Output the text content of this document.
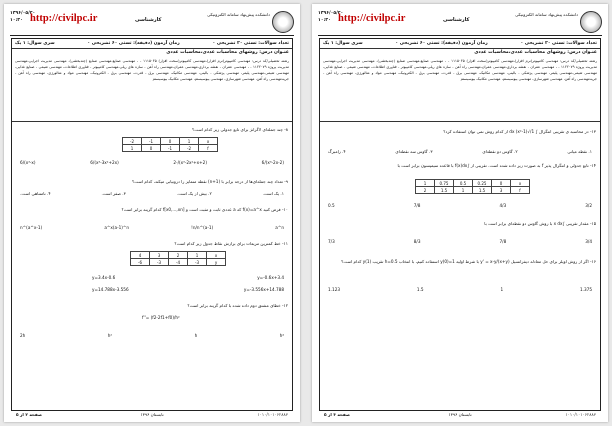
۱۳۹۶/۰۵/۲۰
۱۰:۳۰ http://civilpc.ir	کارشناسی
دانشکده پیش‌نهاد سامانه الکترونیکی
تعداد سوالات: تستی ۲۰ تشریحی ۰
زمان آزمون (دقیقه): تستی ۶۰ تشریحی ۰
سری سوال: ۱ یک
عنـوان درس: روشهای محاسبات عددی،محاسبات عددی
رشته تحصیلی/کد درس: مهندسی کامپیوتر(نرم افزار)،مهندسی کامپیوتر(سخت افزار) ۱۱۱۵۰۴۵ - ، مهندسی صنایع،مهندسی صنایع (چندبخشی)، مهندسی مدیریت اجرایی،مهندسی مدیریت پروژه ۱۱۲۲۰۷۹ - ، مهندسی عمران - نقشه برداری،مهندسی عمران،مهندسی راه آهن - سازه های ریلی،مهندسی کامپیوتر - فناوری اطلاعات، مهندسی شیمی - صنایع غذایی، مهندسی شیمی،مهندسی پلیمر، مهندسی پزشکی - بالینی، مهندسی مکانیک، مهندسی برق - قدرت، مهندسی برق - الکترونیک، مهندسی مواد و متالورژی، مهندسی راه آهن - جریه‌‌مهندسی راه آهن، مهندسی شهرسازی، مهندسی بیوسیستم، مهندسی مکانیک بیوسیستم
۸- چند جمله‌ای لاگرانژ برای تابع جدولی زیر کدام است؟
-2	-1	0	1	x
1	0	-1	-2	f
(x³-2x-2)/6
(x³-2x²+x+2)/-2
(x³-3x²+2x)/6
(x³-x)/6
۹- تعداد چند جمله‌ای‌ها از درجه برابر با (n+1) نقطه متمایز را درونیابی میکند، کدام است؟
۱. یک است.
۲. بیش از یک است.
۳. صفر است.
۴. نامتناهی است.
۱۰- فرض کنید f(x)=a^x که a عددی ثابت و مثبت است و f[x0,...,xn] کدام گزینه برابر است؟
a^n
(a-1)^n/n!
a^x(a-1)^n
(a^x-1)^n
۱۱- خط کمترین مربعات برای برازش نقاط جدول زیر کدام است؟
4	3	2	1	x
-6	-3	-4	-3	y
y=-0.6x+3.4
y=3.4x-0.6
y=-3.556x+14.788
y=14.788x-3.556
۱۲- خطای مشتق دوم داده شده با کدام گزینه برابر است؟
f''= (f2-2f1+f0)/h²
h⁴
h
h²
2h
صفحه ۲ از ۵	تابستان ۱۳۹۶	۱۰۱۰/۱۰۱۰۶۲۸۸۳
۱۳۹۶/۰۵/۲۰
۱۰:۳۰ http://civilpc.ir	کارشناسی
دانشکده پیش‌نهاد سامانه الکترونیکی
تعداد سوالات: تستی ۲۰ تشریحی ۰
زمان آزمون (دقیقه): تستی ۶۰ تشریحی ۰
سری سوال: ۱ یک
عنـوان درس: روشهای محاسبات عددی،محاسبات عددی
رشته تحصیلی/کد درس: مهندسی کامپیوتر(نرم افزار)،مهندسی کامپیوتر(سخت افزار) ۱۱۱۵۰۴۵ - ، مهندسی صنایع،مهندسی صنایع (چندبخشی)، مهندسی مدیریت اجرایی،مهندسی مدیریت پروژه ۱۱۲۲۰۷۹ - ، مهندسی عمران - نقشه برداری،مهندسی عمران،مهندسی راه آهن - سازه های ریلی،مهندسی کامپیوتر - فناوری اطلاعات، مهندسی شیمی - صنایع غذایی، مهندسی شیمی،مهندسی پلیمر، مهندسی پزشکی - بالینی، مهندسی مکانیک، مهندسی برق - قدرت، مهندسی برق - الکترونیک، مهندسی مواد و متالورژی، مهندسی راه آهن - جریه‌‌مهندسی راه آهن، مهندسی شهرسازی، مهندسی بیوسیستم، مهندسی مکانیک بیوسیستم
۱۳- در محاسبه ی تقریبی انتگرال ∫ 1/√(1-x²) dx از کدام روش نمی توان استفاده کرد؟
۱. نقطه میانی
۲. گاوس دو نقطه‌ای
۳. گاوس سه نقطه‌ای
۴. رامبرگ
۱۴- تابع جدولی و انتگرال پذیر f به صورت زیر داده شده است. تقریبی از ∫f(x)dx با قاعده سیمپسون برابر است با
1	0.75	0.5	0.25	0	x
2	1.5	1	1.5	3	f
3/2
4/3
7/8
0.5
۱۵- مقدار تقریبی ∫x dx با روش گاوس دو نقطه‌ای برابر است با
3/4
7/8
8/3
7/3
۱۶- اگر از روش اویلر برای حل معادله دیفرانسیل y' = x-y/(x+y) با شرط اولیه y(0)=1 استفاده کنیم، با انتخاب h=0.5 تقریب y(1) کدام است؟
1.375
1
1.5
1.123
صفحه ۳ از ۵	تابستان ۱۳۹۶	۱۰۱۰/۱۰۱۰۶۲۸۸۳
